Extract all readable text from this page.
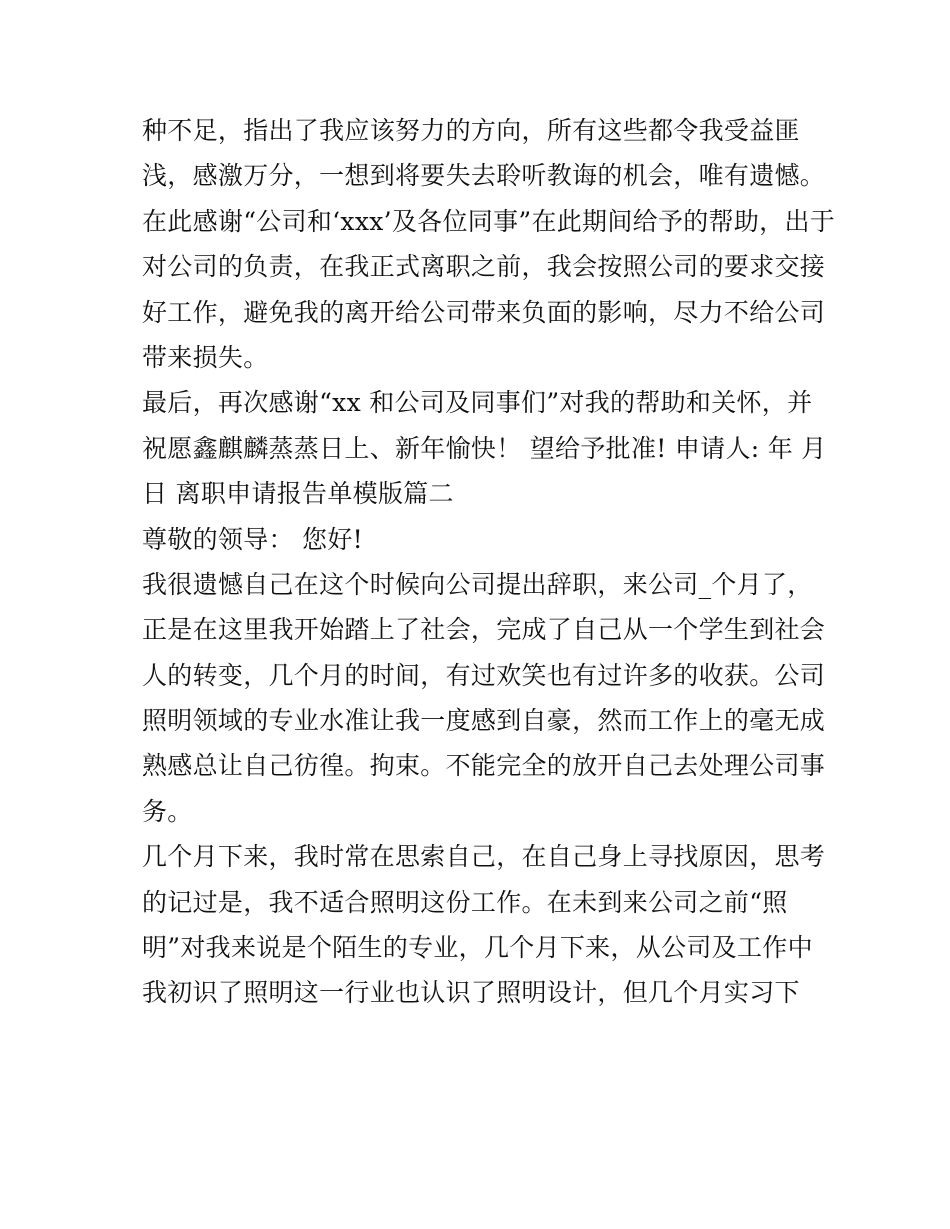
种不足，指出了我应该努力的方向，所有这些都令我受益匪
浅，感激万分，一想到将要失去聆听教诲的机会，唯有遗憾。
在此感谢“公司和‘xxx’及各位同事”在此期间给予的帮助，出于
对公司的负责，在我正式离职之前，我会按照公司的要求交接
好工作，避免我的离开给公司带来负面的影响，尽力不给公司
带来损失。
最后，再次感谢“xx 和公司及同事们”对我的帮助和关怀，并
祝愿鑫麒麟蒸蒸日上、新年愉快！ 望给予批准! 申请人: 年 月
日 离职申请报告单模版篇二
尊敬的领导： 您好!
我很遗憾自己在这个时候向公司提出辞职，来公司_个月了，
正是在这里我开始踏上了社会，完成了自己从一个学生到社会
人的转变，几个月的时间，有过欢笑也有过许多的收获。公司
照明领域的专业水准让我一度感到自豪，然而工作上的毫无成
熟感总让自己彷徨。拘束。不能完全的放开自己去处理公司事
务。
几个月下来，我时常在思索自己，在自己身上寻找原因，思考
的记过是，我不适合照明这份工作。在未到来公司之前“照
明”对我来说是个陌生的专业，几个月下来，从公司及工作中
我初识了照明这一行业也认识了照明设计，但几个月实习下
